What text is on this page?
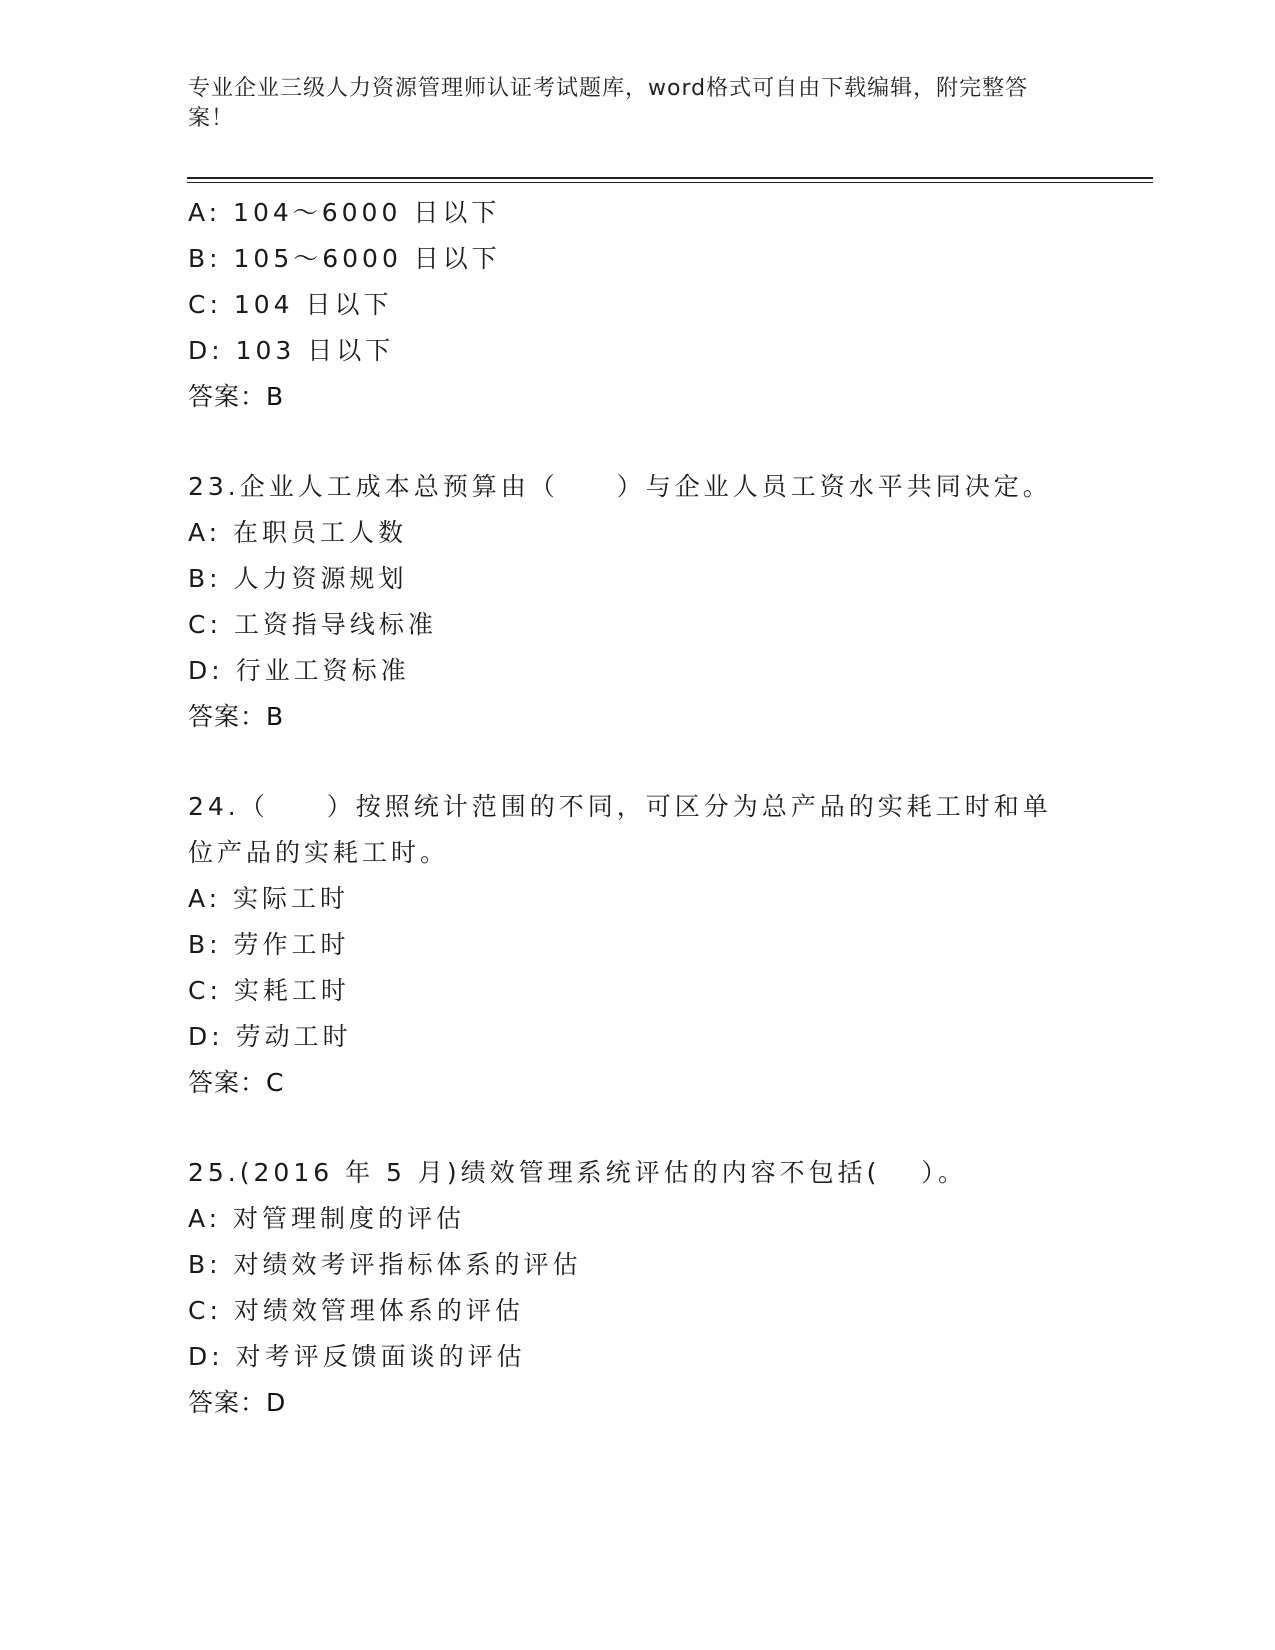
专业企业三级人力资源管理师认证考试题库，word格式可自由下载编辑，附完整答案！
A: 104～6000 日以下
B: 105～6000 日以下
C: 104 日以下
D: 103 日以下
答案：B
23.企业人工成本总预算由（　　）与企业人员工资水平共同决定。
A: 在职员工人数
B: 人力资源规划
C: 工资指导线标准
D: 行业工资标准
答案：B
24.（　　）按照统计范围的不同，可区分为总产品的实耗工时和单位产品的实耗工时。
A: 实际工时
B: 劳作工时
C: 实耗工时
D: 劳动工时
答案：C
25.(2016 年 5 月)绩效管理系统评估的内容不包括(　 ）。
A: 对管理制度的评估
B: 对绩效考评指标体系的评估
C: 对绩效管理体系的评估
D: 对考评反馈面谈的评估
答案：D
